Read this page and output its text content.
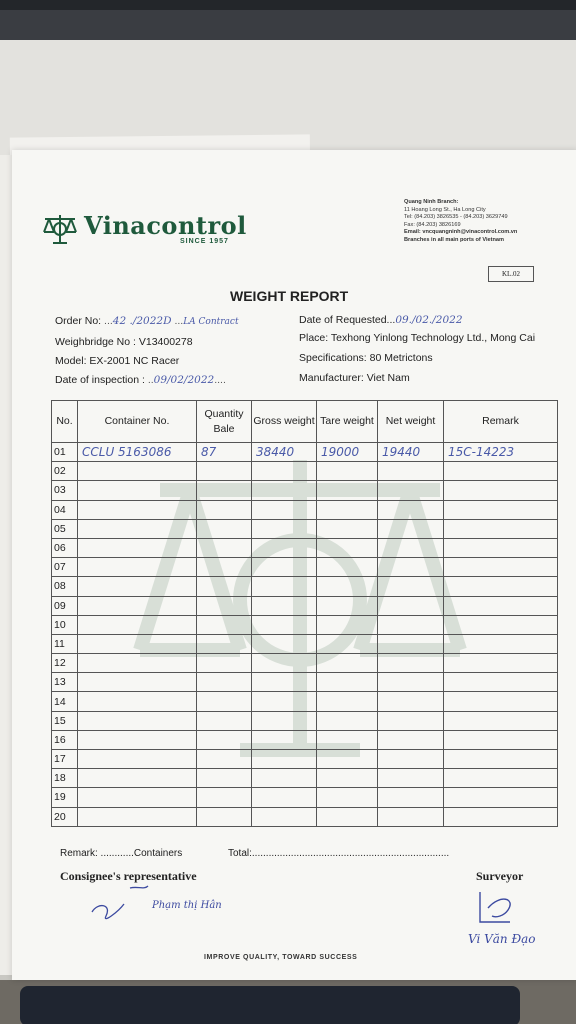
Vinacontrol
SINCE 1957
Quang Ninh Branch:
11 Hoang Long St., Ha Long City
Tel: (84.203) 3826535 - (84.203) 3629749
Fax: (84.203) 3826169
Email: vncquangninh@vinacontrol.com.vn
Branches in all main ports of Vietnam
KL.02
WEIGHT REPORT
Order No: ...42 ./2022D ...LA Contract	Date of Requested...09./02./2022
Weighbridge No : V13400278	Place: Texhong Yinlong Technology Ltd., Mong Cai
Model: EX-2001 NC Racer	Specifications: 80 Metrictons
Date of inspection : ..09/02/2022....	Manufacturer: Viet Nam
No.	Container No.	Quantity Bale	Gross weight	Tare weight	Net weight	Remark
01	CCLU 5163086	87	38440	19000	19440	15C-14223
02						
03						
04						
05						
06						
07						
08						
09						
10						
11						
12						
13						
14						
15						
16						
17						
18						
19						
20						
Remark: ............Containers	Total:.......................................................................
Consignee's representative	Surveyor
Phạm thị Hân
Vi Văn Đạo
IMPROVE QUALITY, TOWARD SUCCESS
